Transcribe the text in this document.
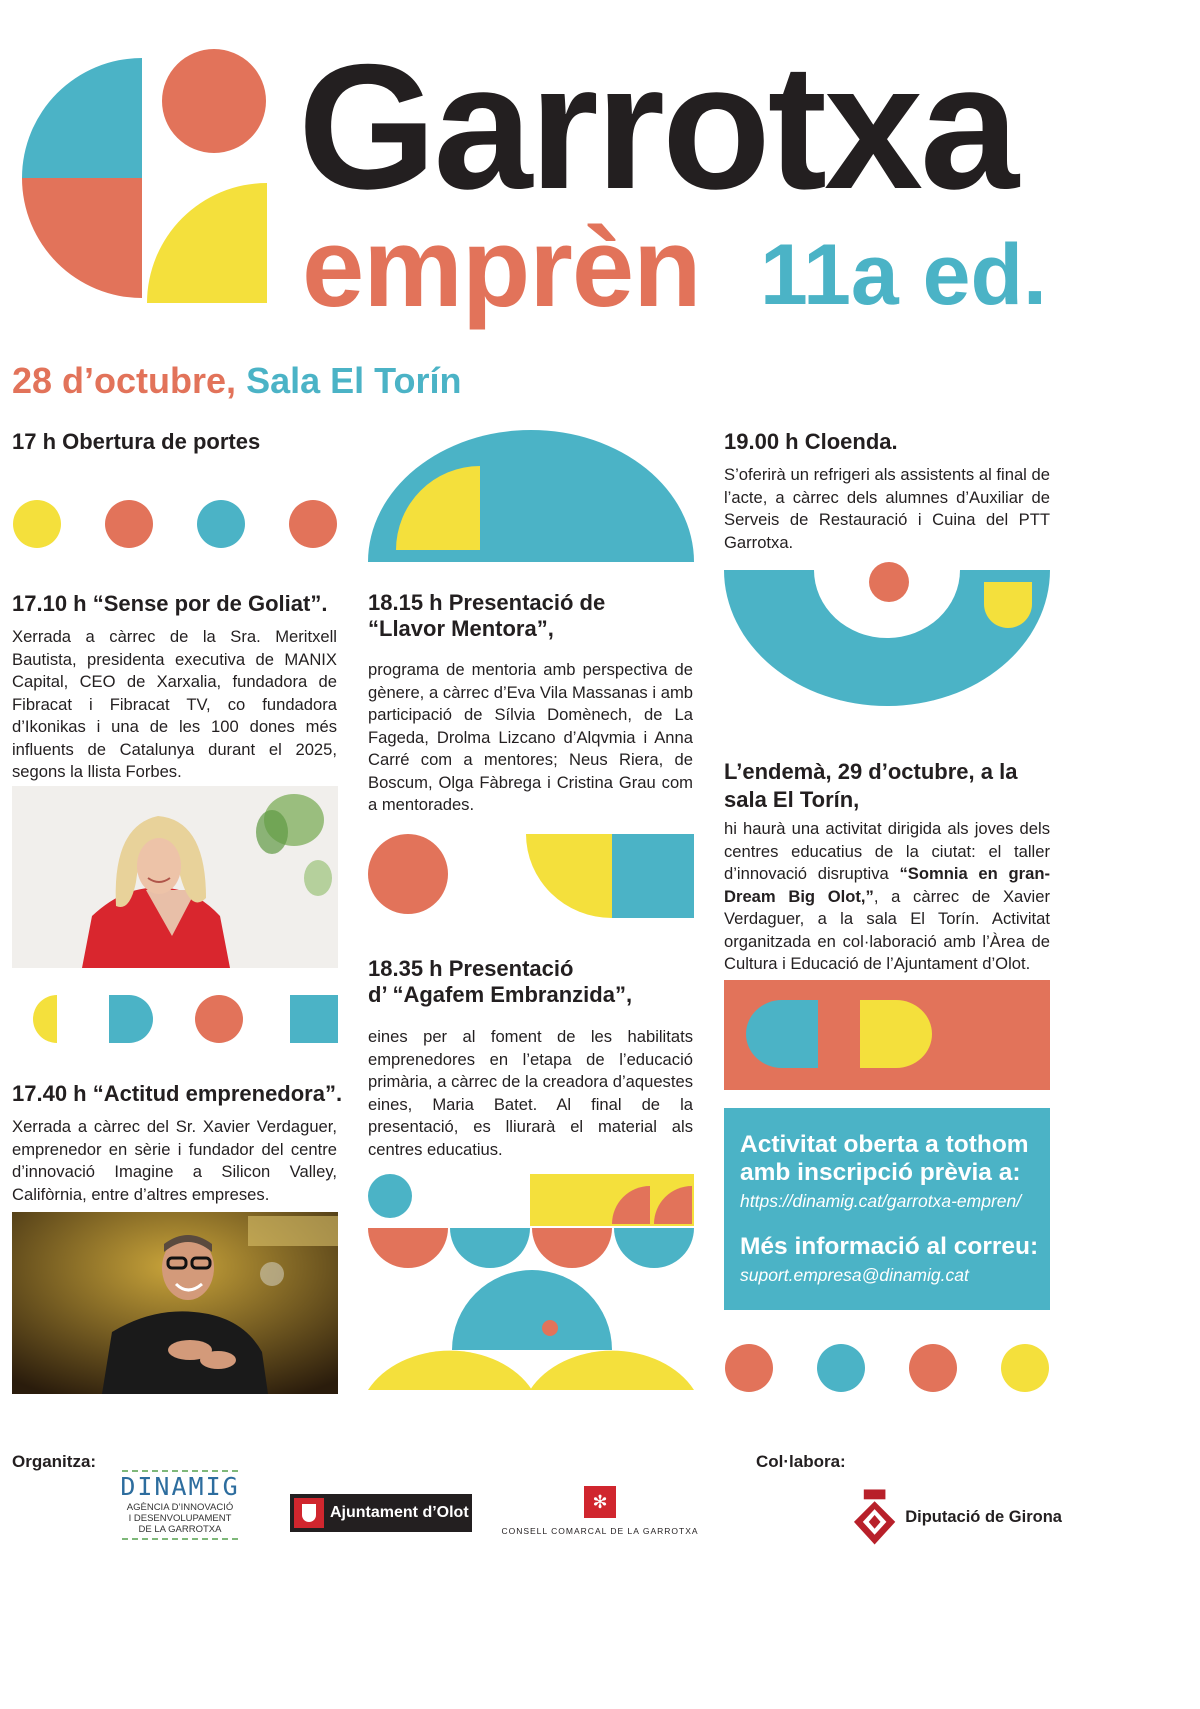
Garrotxa
emprèn 11a ed.
28 d’octubre, Sala El Torín
17 h Obertura de portes
17.10 h “Sense por de Goliat”.
Xerrada a càrrec de la Sra. Meritxell Bautista, presidenta executiva de MANIX Capital, CEO de Xarxalia, fundadora de Fibracat i Fibracat TV, co fundadora d’Ikonikas i una de les 100 dones més influents de Catalunya durant el 2025, segons la llista Forbes.
17.40 h “Actitud emprenedora”.
Xerrada a càrrec del Sr. Xavier Verdaguer, emprenedor en sèrie i fundador del centre d’innovació Imagine a Silicon Valley, Califòrnia, entre d’altres empreses.
18.15 h Presentació de
“Llavor Mentora”,
programa de mentoria amb perspectiva de gènere, a càrrec d’Eva Vila Massanas i amb participació de Sílvia Domènech, de La Fageda, Drolma Lizcano d’Alqvmia i Anna Carré com a mentores; Neus Riera, de Boscum, Olga Fàbrega i Cristina Grau com a mentorades.
18.35 h Presentació
d’ “Agafem Embranzida”,
eines per al foment de les habilitats emprenedores en l’etapa de l’educació primària, a càrrec de la creadora d’aquestes eines, Maria Batet. Al final de la presentació, es lliurarà el material als centres educatius.
19.00 h Cloenda.
S’oferirà un refrigeri als assistents al final de l’acte, a càrrec dels alumnes d’Auxiliar de Serveis de Restauració i Cuina del PTT Garrotxa.
L’endemà, 29 d’octubre, a la
sala El Torín,
hi haurà una activitat dirigida als joves dels centres educatius de la ciutat: el taller d’innovació disruptiva “Somnia en gran- Dream Big Olot,”, a càrrec de Xavier Verdaguer, a la sala El Torín. Activitat organitzada en col·laboració amb l’Àrea de Cultura i Educació de l’Ajuntament d’Olot.
Activitat oberta a tothom
amb inscripció prèvia a:
https://dinamig.cat/garrotxa-empren/
Més informació al correu:
suport.empresa@dinamig.cat
Organitza:	Col·labora:
DINAMIG
AGÈNCIA D’INNOVACIÓ
I DESENVOLUPAMENT
DE LA GARROTXA
Ajuntament d’Olot
✻
CONSELL COMARCAL DE LA GARROTXA
Diputació de Girona
